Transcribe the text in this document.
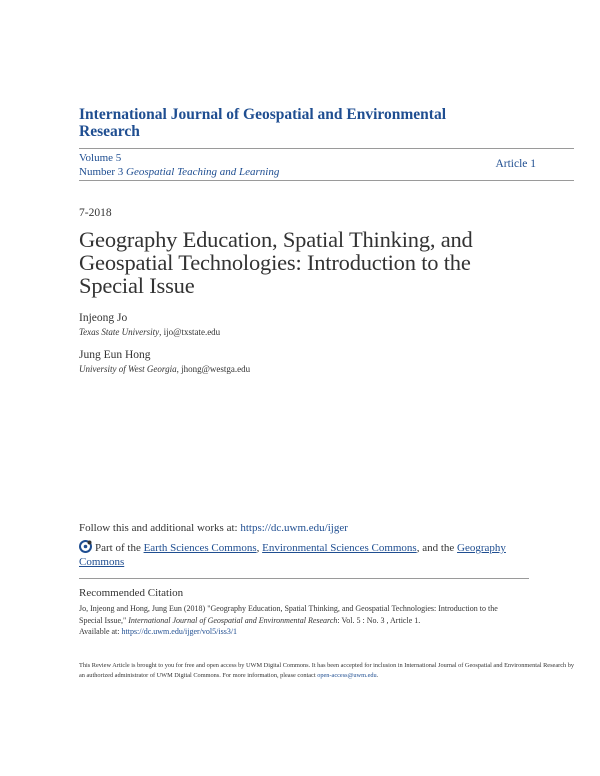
International Journal of Geospatial and Environmental Research
Volume 5
Number 3 Geospatial Teaching and Learning
Article 1
7-2018
Geography Education, Spatial Thinking, and Geospatial Technologies: Introduction to the Special Issue
Injeong Jo
Texas State University, ijo@txstate.edu
Jung Eun Hong
University of West Georgia, jhong@westga.edu
Follow this and additional works at: https://dc.uwm.edu/ijger
Part of the Earth Sciences Commons, Environmental Sciences Commons, and the Geography Commons
Recommended Citation
Jo, Injeong and Hong, Jung Eun (2018) "Geography Education, Spatial Thinking, and Geospatial Technologies: Introduction to the
Special Issue," International Journal of Geospatial and Environmental Research: Vol. 5 : No. 3 , Article 1.
Available at: https://dc.uwm.edu/ijger/vol5/iss3/1
This Review Article is brought to you for free and open access by UWM Digital Commons. It has been accepted for inclusion in International Journal of Geospatial and Environmental Research by an authorized administrator of UWM Digital Commons. For more information, please contact open-access@uwm.edu.
